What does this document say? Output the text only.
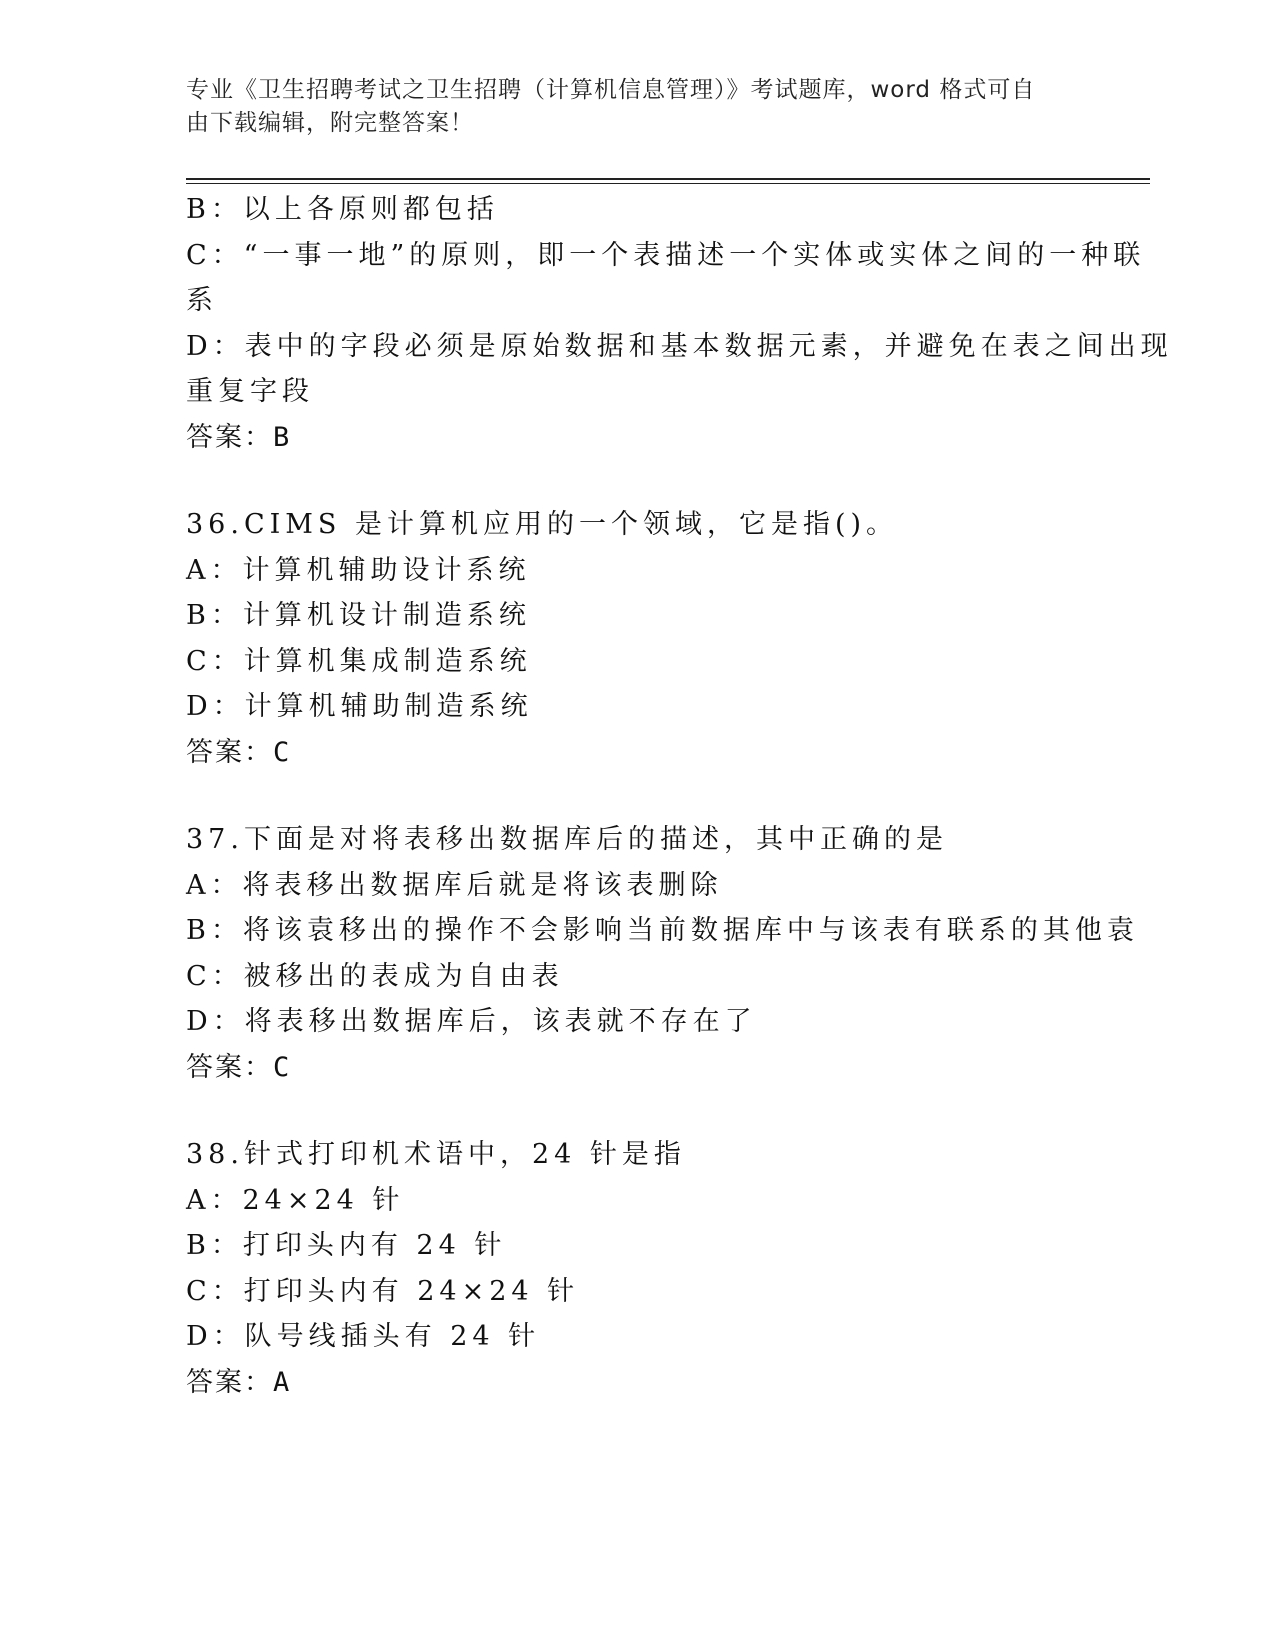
专业《卫生招聘考试之卫生招聘（计算机信息管理）》考试题库，word 格式可自
由下载编辑，附完整答案！
B：以上各原则都包括
C：“一事一地”的原则，即一个表描述一个实体或实体之间的一种联
系
D：表中的字段必须是原始数据和基本数据元素，并避免在表之间出现
重复字段
答案：B
36.CIMS 是计算机应用的一个领域，它是指()。
A：计算机辅助设计系统
B：计算机设计制造系统
C：计算机集成制造系统
D：计算机辅助制造系统
答案：C
37.下面是对将表移出数据库后的描述，其中正确的是
A：将表移出数据库后就是将该表删除
B：将该袁移出的操作不会影响当前数据库中与该表有联系的其他袁
C：被移出的表成为自由表
D：将表移出数据库后，该表就不存在了
答案：C
38.针式打印机术语中，24 针是指
A：24×24 针
B：打印头内有 24 针
C：打印头内有 24×24 针
D：队号线插头有 24 针
答案：A
